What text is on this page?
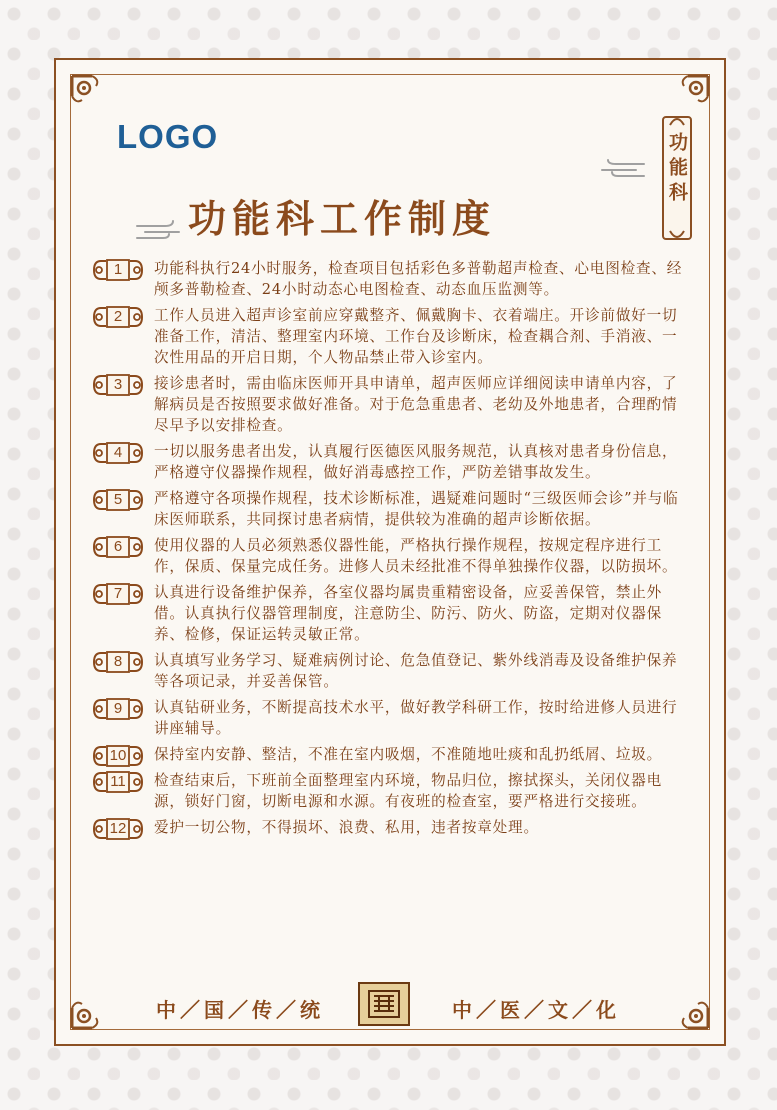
LOGO
功能科工作制度
功能科
1	功能科执行24小时服务，检查项目包括彩色多普勒超声检查、心电图检查、经颅多普勒检查、24小时动态心电图检查、动态血压监测等。
2	工作人员进入超声诊室前应穿戴整齐、佩戴胸卡、衣着端庄。开诊前做好一切准备工作，清洁、整理室内环境、工作台及诊断床，检查耦合剂、手消液、一次性用品的开启日期，个人物品禁止带入诊室内。
3	接诊患者时，需由临床医师开具申请单，超声医师应详细阅读申请单内容，了解病员是否按照要求做好准备。对于危急重患者、老幼及外地患者，合理酌情尽早予以安排检查。
4	一切以服务患者出发，认真履行医德医风服务规范，认真核对患者身份信息，严格遵守仪器操作规程，做好消毒感控工作，严防差错事故发生。
5	严格遵守各项操作规程，技术诊断标准，遇疑难问题时“三级医师会诊”并与临床医师联系，共同探讨患者病情，提供较为准确的超声诊断依据。
6	使用仪器的人员必须熟悉仪器性能，严格执行操作规程，按规定程序进行工作，保质、保量完成任务。进修人员未经批准不得单独操作仪器，以防损坏。
7	认真进行设备维护保养，各室仪器均属贵重精密设备，应妥善保管，禁止外借。认真执行仪器管理制度，注意防尘、防污、防火、防盗，定期对仪器保养、检修，保证运转灵敏正常。
8	认真填写业务学习、疑难病例讨论、危急值登记、紫外线消毒及设备维护保养等各项记录，并妥善保管。
9	认真钻研业务，不断提高技术水平，做好教学科研工作，按时给进修人员进行讲座辅导。
10 保持室内安静、整洁，不准在室内吸烟，不准随地吐痰和乱扔纸屑、垃圾。
11 检查结束后，下班前全面整理室内环境，物品归位，擦拭探头，关闭仪器电源，锁好门窗，切断电源和水源。有夜班的检查室，要严格进行交接班。
12 爱护一切公物，不得损坏、浪费、私用，违者按章处理。
中／国／传／统	中／医／文／化
